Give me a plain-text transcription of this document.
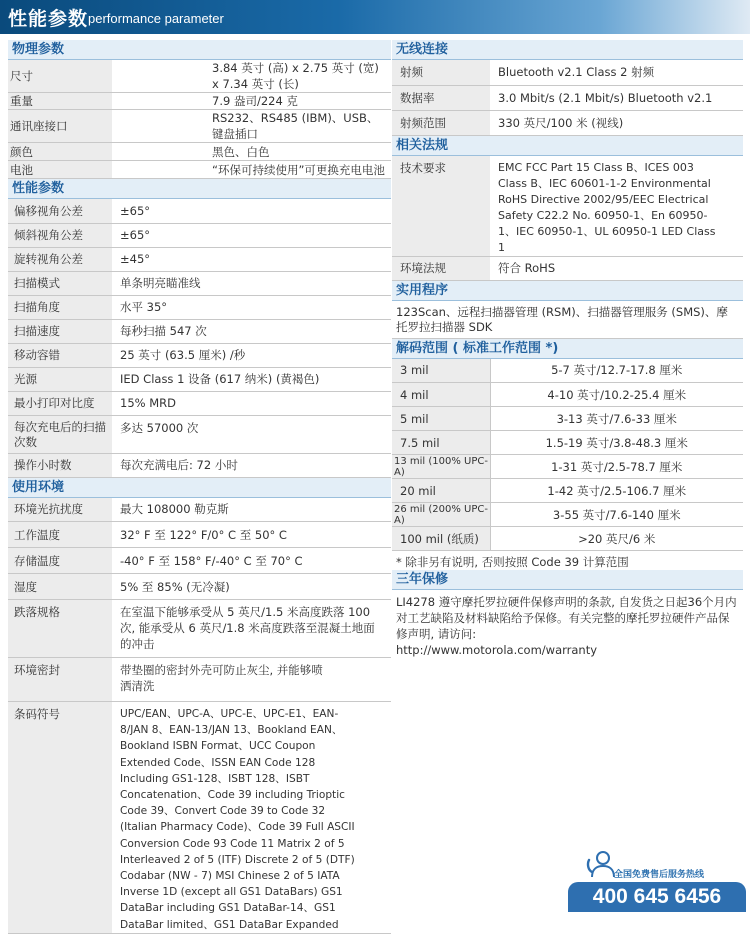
性能参数 performance parameter
物理参数
尺寸	3.84 英寸 (高) x 2.75 英寸 (宽) x 7.34 英寸 (长)
重量	7.9 盎司/224 克
通讯座接口	RS232、RS485 (IBM)、USB、键盘插口
颜色	黑色、白色
电池	“环保可持续使用”可更换充电电池
性能参数
偏移视角公差	±65°
倾斜视角公差	±65°
旋转视角公差	±45°
扫描模式	单条明亮瞄准线
扫描角度	水平 35°
扫描速度	每秒扫描 547 次
移动容错	25 英寸 (63.5 厘米) /秒
光源	IED Class 1 设备 (617 纳米) (黄褐色)
最小打印对比度	15% MRD
每次充电后的扫描次数	多达 57000 次
操作小时数	每次充满电后: 72 小时
使用环境
环境光抗扰度	最大 108000 勒克斯
工作温度	32° F 至 122° F/0° C 至 50° C
存储温度	-40° F 至 158° F/-40° C 至 70° C
湿度	5% 至 85% (无冷凝)
跌落规格	在室温下能够承受从 5 英尺/1.5 米高度跌落 100 次, 能承受从 6 英尺/1.8 米高度跌落至混凝土地面的冲击
环境密封	带垫圈的密封外壳可防止灰尘, 并能够喷洒清洗
条码符号	UPC/EAN、UPC-A、UPC-E、UPC-E1、EAN-8/JAN 8、EAN-13/JAN 13、Bookland EAN、Bookland ISBN Format、UCC Coupon Extended Code、ISSN EAN Code 128 Including GS1-128、ISBT 128、ISBT Concatenation、Code 39 including Trioptic Code 39、Convert Code 39 to Code 32 (Italian Pharmacy Code)、Code 39 Full ASCII Conversion Code 93 Code 11 Matrix 2 of 5 Interleaved 2 of 5 (ITF) Discrete 2 of 5 (DTF) Codabar (NW - 7) MSI Chinese 2 of 5 IATA Inverse 1D (except all GS1 DataBars) GS1 DataBar including GS1 DataBar-14、GS1 DataBar limited、GS1 DataBar Expanded
无线连接
射频	Bluetooth v2.1 Class 2 射频
数据率	3.0 Mbit/s (2.1 Mbit/s) Bluetooth v2.1
射频范围	330 英尺/100 米 (视线)
相关法规
技术要求	EMC FCC Part 15 Class B、ICES 003 Class B、IEC 60601-1-2 Environmental RoHS Directive 2002/95/EEC Electrical Safety C22.2 No. 60950-1、En 60950-1、IEC 60950-1、UL 60950-1 LED Class 1
环境法规	符合 RoHS
实用程序
123Scan、远程扫描器管理 (RSM)、扫描器管理服务 (SMS)、摩托罗拉扫描器 SDK
解码范围 ( 标准工作范围 *)
3 mil	5-7 英寸/12.7-17.8 厘米
4 mil	4-10 英寸/10.2-25.4 厘米
5 mil	3-13 英寸/7.6-33 厘米
7.5 mil	1.5-19 英寸/3.8-48.3 厘米
13 mil (100% UPC-A)	1-31 英寸/2.5-78.7 厘米
20 mil	1-42 英寸/2.5-106.7 厘米
26 mil (200% UPC-A)	3-55 英寸/7.6-140 厘米
100 mil (纸质)	>20 英尺/6 米
* 除非另有说明, 否则按照 Code 39 计算范围
三年保修
LI4278 遵守摩托罗拉硬件保修声明的条款, 自发货之日起36个月内对工艺缺陷及材料缺陷给予保修。有关完整的摩托罗拉硬件产品保修声明, 请访问:
http://www.motorola.com/warranty
全国免费售后服务热线
400 645 6456
